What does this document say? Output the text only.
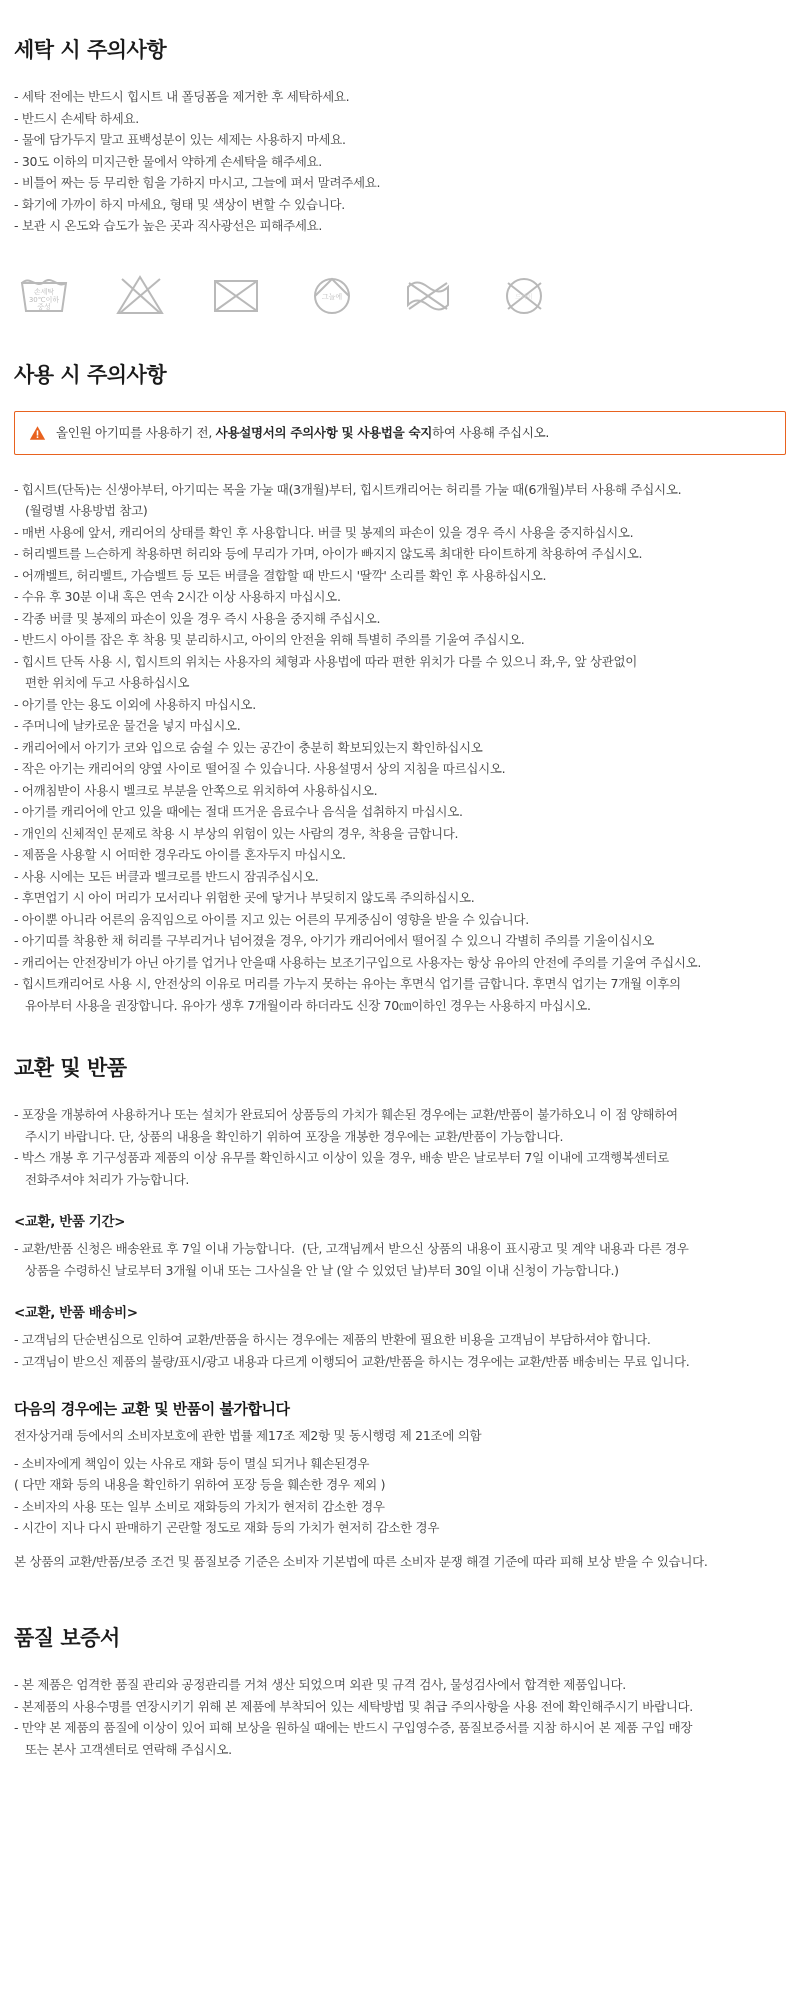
세탁 시 주의사항
- 세탁 전에는 반드시 힙시트 내 폴딩폼을 제거한 후 세탁하세요.
- 반드시 손세탁 하세요.
- 물에 담가두지 말고 표백성분이 있는 세제는 사용하지 마세요.
- 30도 이하의 미지근한 물에서 약하게 손세탁을 해주세요.
- 비틀어 짜는 등 무리한 힘을 가하지 마시고, 그늘에 펴서 말려주세요.
- 화기에 가까이 하지 마세요, 형태 및 색상이 변할 수 있습니다.
- 보관 시 온도와 습도가 높은 곳과 직사광선은 피해주세요.
손세탁
30℃이하
중성
그늘에	드라이
사용 시 주의사항
올인원 아기띠를 사용하기 전, 사용설명서의 주의사항 및 사용법을 숙지하여 사용해 주십시오.
- 힙시트(단독)는 신생아부터, 아기띠는 목을 가눌 때(3개월)부터, 힙시트캐리어는 허리를 가눌 때(6개월)부터 사용해 주십시오.
(월령별 사용방법 참고)
- 매번 사용에 앞서, 캐리어의 상태를 확인 후 사용합니다. 버클 및 봉제의 파손이 있을 경우 즉시 사용을 중지하십시오.
- 허리벨트를 느슨하게 착용하면 허리와 등에 무리가 가며, 아이가 빠지지 않도록 최대한 타이트하게 착용하여 주십시오.
- 어깨벨트, 허리벨트, 가슴벨트 등 모든 버클을 결합할 때 반드시 '딸깍' 소리를 확인 후 사용하십시오.
- 수유 후 30분 이내 혹은 연속 2시간 이상 사용하지 마십시오.
- 각종 버클 및 봉제의 파손이 있을 경우 즉시 사용을 중지해 주십시오.
- 반드시 아이를 잡은 후 착용 및 분리하시고, 아이의 안전을 위해 특별히 주의를 기울여 주십시오.
- 힙시트 단독 사용 시, 힙시트의 위치는 사용자의 체형과 사용법에 따라 편한 위치가 다를 수 있으니 좌,우, 앞 상관없이
편한 위치에 두고 사용하십시오
- 아기를 안는 용도 이외에 사용하지 마십시오.
- 주머니에 날카로운 물건을 넣지 마십시오.
- 캐리어에서 아기가 코와 입으로 숨쉴 수 있는 공간이 충분히 확보되있는지 확인하십시오
- 작은 아기는 캐리어의 양옆 사이로 떨어질 수 있습니다. 사용설명서 상의 지침을 따르십시오.
- 어깨침받이 사용시 벨크로 부분을 안쪽으로 위치하여 사용하십시오.
- 아기를 캐리어에 안고 있을 때에는 절대 뜨거운 음료수나 음식을 섭취하지 마십시오.
- 개인의 신체적인 문제로 착용 시 부상의 위험이 있는 사람의 경우, 착용을 금합니다.
- 제품을 사용할 시 어떠한 경우라도 아이를 혼자두지 마십시오.
- 사용 시에는 모든 버클과 벨크로를 반드시 잠궈주십시오.
- 후면업기 시 아이 머리가 모서리나 위험한 곳에 닿거나 부딪히지 않도록 주의하십시오.
- 아이뿐 아니라 어른의 움직임으로 아이를 지고 있는 어른의 무게중심이 영향을 받을 수 있습니다.
- 아기띠를 착용한 채 허리를 구부리거나 넘어졌을 경우, 아기가 캐리어에서 떨어질 수 있으니 각별히 주의를 기울이십시오
- 캐리어는 안전장비가 아닌 아기를 업거나 안을때 사용하는 보조기구입으로 사용자는 항상 유아의 안전에 주의를 기울여 주십시오.
- 힙시트캐리어로 사용 시, 안전상의 이유로 머리를 가누지 못하는 유아는 후면식 업기를 금합니다. 후면식 업기는 7개월 이후의
유아부터 사용을 권장합니다. 유아가 생후 7개월이라 하더라도 신장 70㎝이하인 경우는 사용하지 마십시오.
교환 및 반품
- 포장을 개봉하여 사용하거나 또는 설치가 완료되어 상품등의 가치가 훼손된 경우에는 교환/반품이 불가하오니 이 점 양해하여
주시기 바랍니다. 단, 상품의 내용을 확인하기 위하여 포장을 개봉한 경우에는 교환/반품이 가능합니다.
- 박스 개봉 후 기구성품과 제품의 이상 유무를 확인하시고 이상이 있을 경우, 배송 받은 날로부터 7일 이내에 고객행복센터로
전화주셔야 처리가 가능합니다.
<교환, 반품 기간>
- 교환/반품 신청은 배송완료 후 7일 이내 가능합니다.  (단, 고객님께서 받으신 상품의 내용이 표시광고 및 계약 내용과 다른 경우
상품을 수령하신 날로부터 3개월 이내 또는 그사실을 안 날 (알 수 있었던 날)부터 30일 이내 신청이 가능합니다.)
<교환, 반품 배송비>
- 고객님의 단순변심으로 인하여 교환/반품을 하시는 경우에는 제품의 반환에 필요한 비용을 고객님이 부담하셔야 합니다.
- 고객님이 받으신 제품의 불량/표시/광고 내용과 다르게 이행되어 교환/반품을 하시는 경우에는 교환/반품 배송비는 무료 입니다.
다음의 경우에는 교환 및 반품이 불가합니다

전자상거래 등에서의 소비자보호에 관한 법률 제17조 제2항 및 동시행령 제 21조에 의함

- 소비자에게 책임이 있는 사유로 재화 등이 멸실 되거나 훼손된경우
( 다만 재화 등의 내용을 확인하기 위하여 포장 등을 훼손한 경우 제외 )
- 소비자의 사용 또는 일부 소비로 재화등의 가치가 현저히 감소한 경우
- 시간이 지나 다시 판매하기 곤란할 정도로 재화 등의 가치가 현저히 감소한 경우

본 상품의 교환/반품/보증 조건 및 품질보증 기준은 소비자 기본법에 따른 소비자 분쟁 해결 기준에 따라 피해 보상 받을 수 있습니다.

품질 보증서
- 본 제품은 엄격한 품질 관리와 공정관리를 거쳐 생산 되었으며 외관 및 규격 검사, 물성검사에서 합격한 제품입니다.
- 본제품의 사용수명를 연장시키기 위해 본 제품에 부착되어 있는 세탁방법 및 취급 주의사항을 사용 전에 확인해주시기 바랍니다.
- 만약 본 제품의 품질에 이상이 있어 피해 보상을 원하실 때에는 반드시 구입영수증, 품질보증서를 지참 하시어 본 제품 구입 매장
또는 본사 고객센터로 연락해 주십시오.
